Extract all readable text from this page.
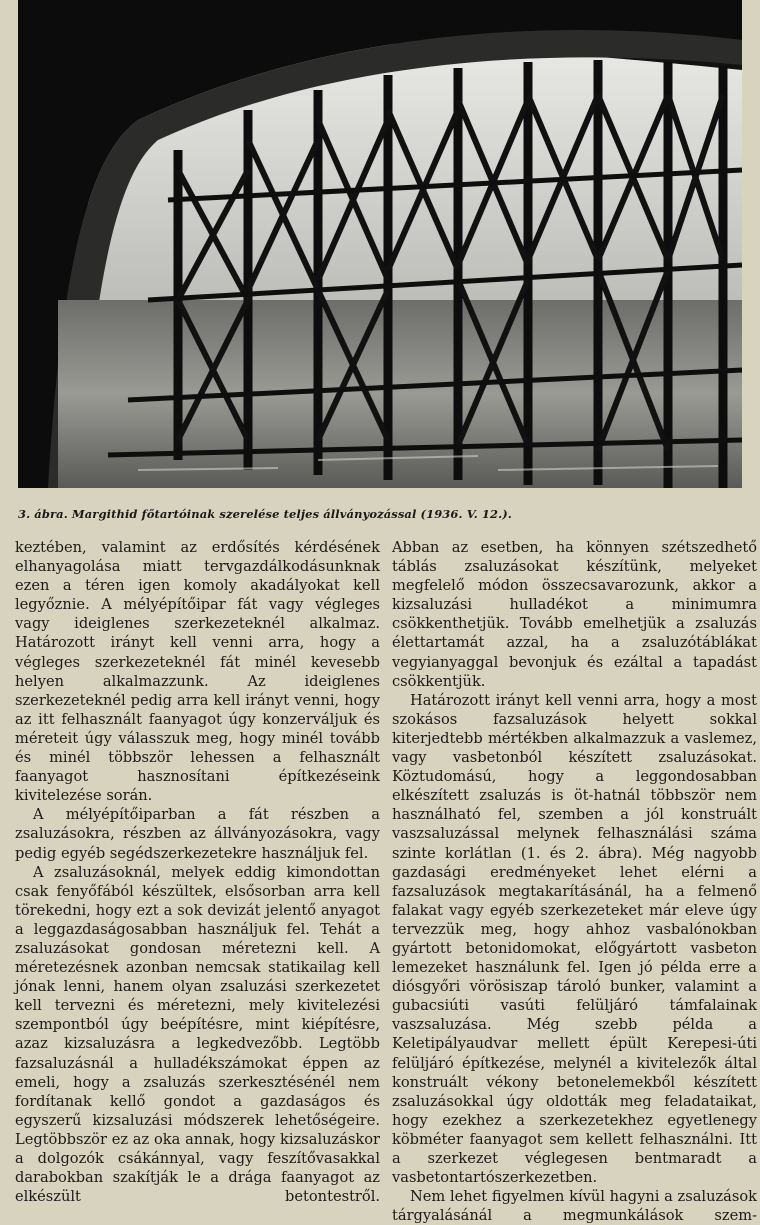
3. ábra. Margithid főtartóinak szerelése teljes állványozással (1936. V. 12.).

keztében, valamint az erdősítés kérdésének elhanyagolása miatt tervgazdálkodásunknak ezen a téren igen komoly akadályokat kell legyőznie. A mélyépítőipar fát vagy végleges vagy ideiglenes szerkezeteknél alkalmaz. Határozott irányt kell venni arra, hogy a végleges szerkezeteknél fát minél kevesebb helyen alkalmazzunk. Az ideiglenes szerkezeteknél pedig arra kell irányt venni, hogy az itt felhasznált faanyagot úgy konzerváljuk és méreteit úgy válasszuk meg, hogy minél tovább és minél többször lehessen a felhasznált faanyagot hasznosítani építkezéseink kivitelezése során.

A mélyépítőiparban a fát részben a zsaluzásokra, részben az állványozásokra, vagy pedig egyéb segédszerkezetekre használjuk fel.

A zsaluzásoknál, melyek eddig kimondottan csak fenyőfából készültek, elsősorban arra kell törekedni, hogy ezt a sok devizát jelentő anyagot a leggazdaságosabban használjuk fel. Tehát a zsaluzásokat gondosan méretezni kell. A méretezésnek azonban nemcsak statikailag kell jónak lenni, hanem olyan zsaluzási szerkezetet kell tervezni és méretezni, mely kivitelezési szempontból úgy beépítésre, mint kiépítésre, azaz kizsaluzásra a legkedvezőbb. Legtöbb fazsaluzásnál a hulladékszámokat éppen az emeli, hogy a zsaluzás szerkesztésénél nem fordítanak kellő gondot a gazdaságos és egyszerű kizsaluzási módszerek lehetőségeire. Legtöbbször ez az oka annak, hogy kizsaluzáskor a dolgozók csákánnyal, vagy feszítővasakkal darabokban szakítják le a drága faanyagot az elkészült betontestről.

Abban az esetben, ha könnyen szétszedhető táblás zsaluzásokat készítünk, melyeket megfelelő módon összecsavarozunk, akkor a kizsaluzási hulladékot a minimumra csökkenthetjük. Tovább emelhetjük a zsaluzás élettartamát azzal, ha a zsaluzótáblákat vegyianyaggal bevonjuk és ezáltal a tapadást csökkentjük.

Határozott irányt kell venni arra, hogy a most szokásos fazsaluzások helyett sokkal kiterjedtebb mértékben alkalmazzuk a vaslemez, vagy vasbetonból készített zsaluzásokat. Köztudomású, hogy a leggondosabban elkészített zsaluzás is öt-hatnál többször nem használható fel, szemben a jól konstruált vaszsaluzással melynek felhasználási száma szinte korlátlan (1. és 2. ábra). Még nagyobb gazdasági eredményeket lehet elérni a fazsaluzások megtakarításánál, ha a felmenő falakat vagy egyéb szerkezeteket már eleve úgy tervezzük meg, hogy ahhoz vasbalónokban gyártott betonidomokat, előgyártott vasbeton lemezeket használunk fel. Igen jó példa erre a diósgyőri vörösiszap tároló bunker, valamint a gubacsiúti vasúti felüljáró támfalainak vaszsaluzása. Még szebb példa a Keletipályaudvar mellett épült Kerepesi-úti felüljáró építkezése, melynél a kivitelezők által konstruált vékony betonelemekből készített zsaluzásokkal úgy oldották meg feladataikat, hogy ezekhez a szerkezetekhez egyetlenegy köbméter faanyagot sem kellett felhasználni. Itt a szerkezet véglegesen bentmaradt a vasbetontartószerkezetben.

Nem lehet figyelmen kívül hagyni a zsaluzások tárgyalásánál a megmunkálások szem-
